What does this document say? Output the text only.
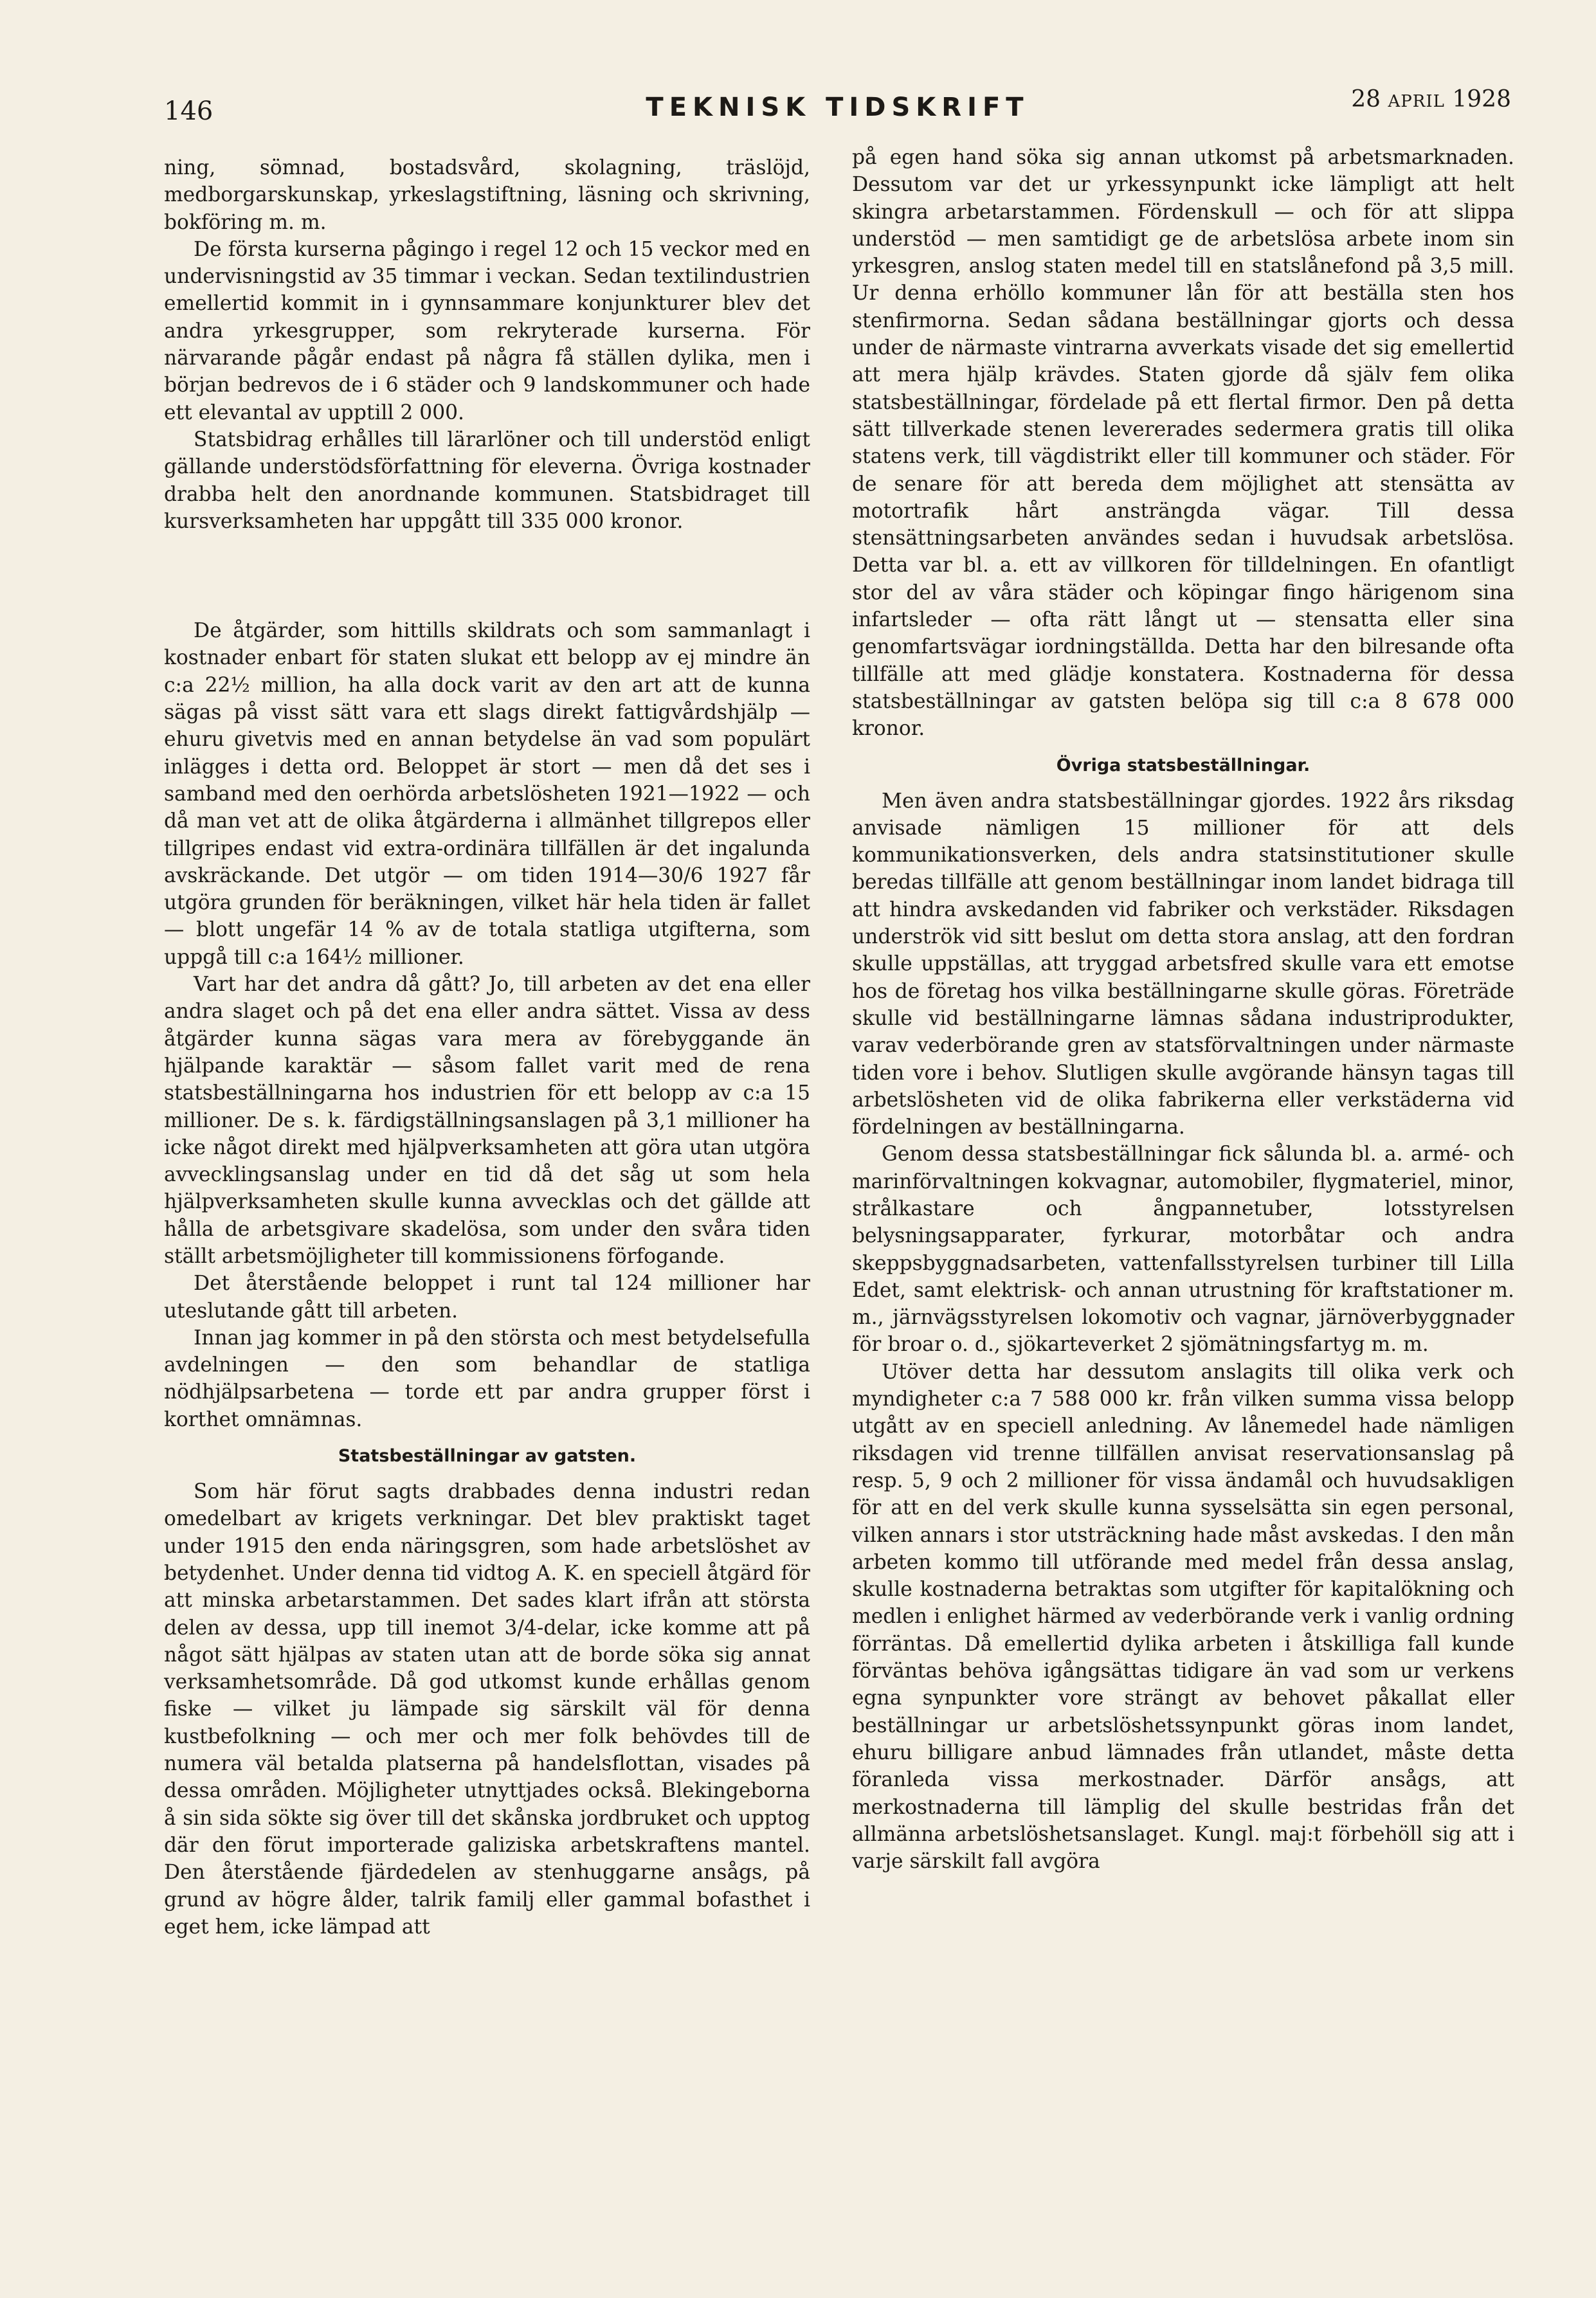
146	TEKNISK TIDSKRIFT	28 APRIL 1928

ning, sömnad, bostadsvård, skolagning, träslöjd, medborgarskunskap, yrkeslagstiftning, läsning och skrivning, bokföring m. m.

De första kurserna pågingo i regel 12 och 15 veckor med en undervisningstid av 35 timmar i veckan. Sedan textilindustrien emellertid kommit in i gynnsammare konjunkturer blev det andra yrkesgrupper, som rekryterade kurserna. För närvarande pågår endast på några få ställen dylika, men i början bedrevos de i 6 städer och 9 landskommuner och hade ett elevantal av upptill 2 000.

Statsbidrag erhålles till lärarlöner och till understöd enligt gällande understödsförfattning för eleverna. Övriga kostnader drabba helt den anordnande kommunen. Statsbidraget till kursverksamheten har uppgått till 335 000 kronor.

De åtgärder, som hittills skildrats och som sammanlagt i kostnader enbart för staten slukat ett belopp av ej mindre än c:a 22½ million, ha alla dock varit av den art att de kunna sägas på visst sätt vara ett slags direkt fattigvårdshjälp — ehuru givetvis med en annan betydelse än vad som populärt inlägges i detta ord. Beloppet är stort — men då det ses i samband med den oerhörda arbetslösheten 1921—1922 — och då man vet att de olika åtgärderna i allmänhet tillgrepos eller tillgripes endast vid extra-ordinära tillfällen är det ingalunda avskräckande. Det utgör — om tiden 1914—30/6 1927 får utgöra grunden för beräkningen, vilket här hela tiden är fallet — blott ungefär 14 % av de totala statliga utgifterna, som uppgå till c:a 164½ millioner.

Vart har det andra då gått? Jo, till arbeten av det ena eller andra slaget och på det ena eller andra sättet. Vissa av dess åtgärder kunna sägas vara mera av förebyggande än hjälpande karaktär — såsom fallet varit med de rena statsbeställningarna hos industrien för ett belopp av c:a 15 millioner. De s. k. färdigställningsanslagen på 3,1 millioner ha icke något direkt med hjälpverksamheten att göra utan utgöra avvecklingsanslag under en tid då det såg ut som hela hjälpverksamheten skulle kunna avvecklas och det gällde att hålla de arbetsgivare skadelösa, som under den svåra tiden ställt arbetsmöjligheter till kommissionens förfogande.

Det återstående beloppet i runt tal 124 millioner har uteslutande gått till arbeten.

Innan jag kommer in på den största och mest betydelsefulla avdelningen — den som behandlar de statliga nödhjälpsarbetena — torde ett par andra grupper först i korthet omnämnas.

Statsbeställningar av gatsten.

Som här förut sagts drabbades denna industri redan omedelbart av krigets verkningar. Det blev praktiskt taget under 1915 den enda näringsgren, som hade arbetslöshet av betydenhet. Under denna tid vidtog A. K. en speciell åtgärd för att minska arbetarstammen. Det sades klart ifrån att största delen av dessa, upp till inemot 3/4-delar, icke komme att på något sätt hjälpas av staten utan att de borde söka sig annat verksamhetsområde. Då god utkomst kunde erhållas genom fiske — vilket ju lämpade sig särskilt väl för denna kustbefolkning — och mer och mer folk behövdes till de numera väl betalda platserna på handelsflottan, visades på dessa områden. Möjligheter utnyttjades också. Blekingeborna å sin sida sökte sig över till det skånska jordbruket och upptog där den förut importerade galiziska arbetskraftens mantel. Den återstående fjärdedelen av stenhuggarne ansågs, på grund av högre ålder, talrik familj eller gammal bofasthet i eget hem, icke lämpad att

på egen hand söka sig annan utkomst på arbetsmarknaden. Dessutom var det ur yrkessynpunkt icke lämpligt att helt skingra arbetarstammen. Fördenskull — och för att slippa understöd — men samtidigt ge de arbetslösa arbete inom sin yrkesgren, anslog staten medel till en statslånefond på 3,5 mill. Ur denna erhöllo kommuner lån för att beställa sten hos stenfirmorna. Sedan sådana beställningar gjorts och dessa under de närmaste vintrarna avverkats visade det sig emellertid att mera hjälp krävdes. Staten gjorde då själv fem olika statsbeställningar, fördelade på ett flertal firmor. Den på detta sätt tillverkade stenen levererades sedermera gratis till olika statens verk, till vägdistrikt eller till kommuner och städer. För de senare för att bereda dem möjlighet att stensätta av motortrafik hårt ansträngda vägar. Till dessa stensättningsarbeten användes sedan i huvudsak arbetslösa. Detta var bl. a. ett av villkoren för tilldelningen. En ofantligt stor del av våra städer och köpingar fingo härigenom sina infartsleder — ofta rätt långt ut — stensatta eller sina genomfartsvägar iordningställda. Detta har den bilresande ofta tillfälle att med glädje konstatera. Kostnaderna för dessa statsbeställningar av gatsten belöpa sig till c:a 8 678 000 kronor.

Övriga statsbeställningar.

Men även andra statsbeställningar gjordes. 1922 års riksdag anvisade nämligen 15 millioner för att dels kommunikationsverken, dels andra statsinstitutioner skulle beredas tillfälle att genom beställningar inom landet bidraga till att hindra avskedanden vid fabriker och verkstäder. Riksdagen underströk vid sitt beslut om detta stora anslag, att den fordran skulle uppställas, att tryggad arbetsfred skulle vara ett emotse hos de företag hos vilka beställningarne skulle göras. Företräde skulle vid beställningarne lämnas sådana industriprodukter, varav vederbörande gren av statsförvaltningen under närmaste tiden vore i behov. Slutligen skulle avgörande hänsyn tagas till arbetslösheten vid de olika fabrikerna eller verkstäderna vid fördelningen av beställningarna.

Genom dessa statsbeställningar fick sålunda bl. a. armé- och marinförvaltningen kokvagnar, automobiler, flygmateriel, minor, strålkastare och ångpannetuber, lotsstyrelsen belysningsapparater, fyrkurar, motorbåtar och andra skeppsbyggnadsarbeten, vattenfallsstyrelsen turbiner till Lilla Edet, samt elektrisk- och annan utrustning för kraftstationer m. m., järnvägsstyrelsen lokomotiv och vagnar, järnöverbyggnader för broar o. d., sjökarteverket 2 sjömätningsfartyg m. m.

Utöver detta har dessutom anslagits till olika verk och myndigheter c:a 7 588 000 kr. från vilken summa vissa belopp utgått av en speciell anledning. Av lånemedel hade nämligen riksdagen vid trenne tillfällen anvisat reservationsanslag på resp. 5, 9 och 2 millioner för vissa ändamål och huvudsakligen för att en del verk skulle kunna sysselsätta sin egen personal, vilken annars i stor utsträckning hade måst avskedas. I den mån arbeten kommo till utförande med medel från dessa anslag, skulle kostnaderna betraktas som utgifter för kapitalökning och medlen i enlighet härmed av vederbörande verk i vanlig ordning förräntas. Då emellertid dylika arbeten i åtskilliga fall kunde förväntas behöva igångsättas tidigare än vad som ur verkens egna synpunkter vore strängt av behovet påkallat eller beställningar ur arbetslöshetssynpunkt göras inom landet, ehuru billigare anbud lämnades från utlandet, måste detta föranleda vissa merkostnader. Därför ansågs, att merkostnaderna till lämplig del skulle bestridas från det allmänna arbetslöshetsanslaget. Kungl. maj:t förbehöll sig att i varje särskilt fall avgöra
